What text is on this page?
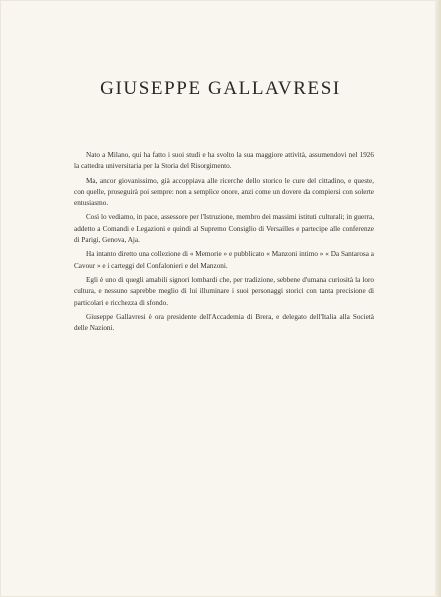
GIUSEPPE GALLAVRESI

Nato a Milano, qui ha fatto i suoi studi e ha svolto la sua maggiore attività, assumendovi nel 1926 la cattedra universitaria per la Storia del Risorgimento.

Ma, ancor giovanissimo, già accoppiava alle ricerche dello storico le cure del cittadino, e queste, con quelle, proseguirà poi sempre: non a semplice onore, anzi come un dovere da compiersi con solerte entusiasmo.

Così lo vediamo, in pace, assessore per l'Istruzione, membro dei massimi istituti culturali; in guerra, addetto a Comandi e Legazioni e quindi al Supremo Consiglio di Versailles e partecipe alle conferenze di Parigi, Genova, Aja.

Ha intanto diretto una collezione di « Memorie » e pubblicato « Manzoni intimo » « Da Santarosa a Cavour » e i carteggi del Confalonieri e del Manzoni.

Egli è uno di quegli amabili signori lombardi che, per tradizione, sebbene d'umana curiosità la loro cultura, e nessuno saprebbe meglio di lui illuminare i suoi personaggi storici con tanta precisione di particolari e ricchezza di sfondo.

Giuseppe Gallavresi è ora presidente dell'Accademia di Brera, e delegato dell'Italia alla Società delle Nazioni.
